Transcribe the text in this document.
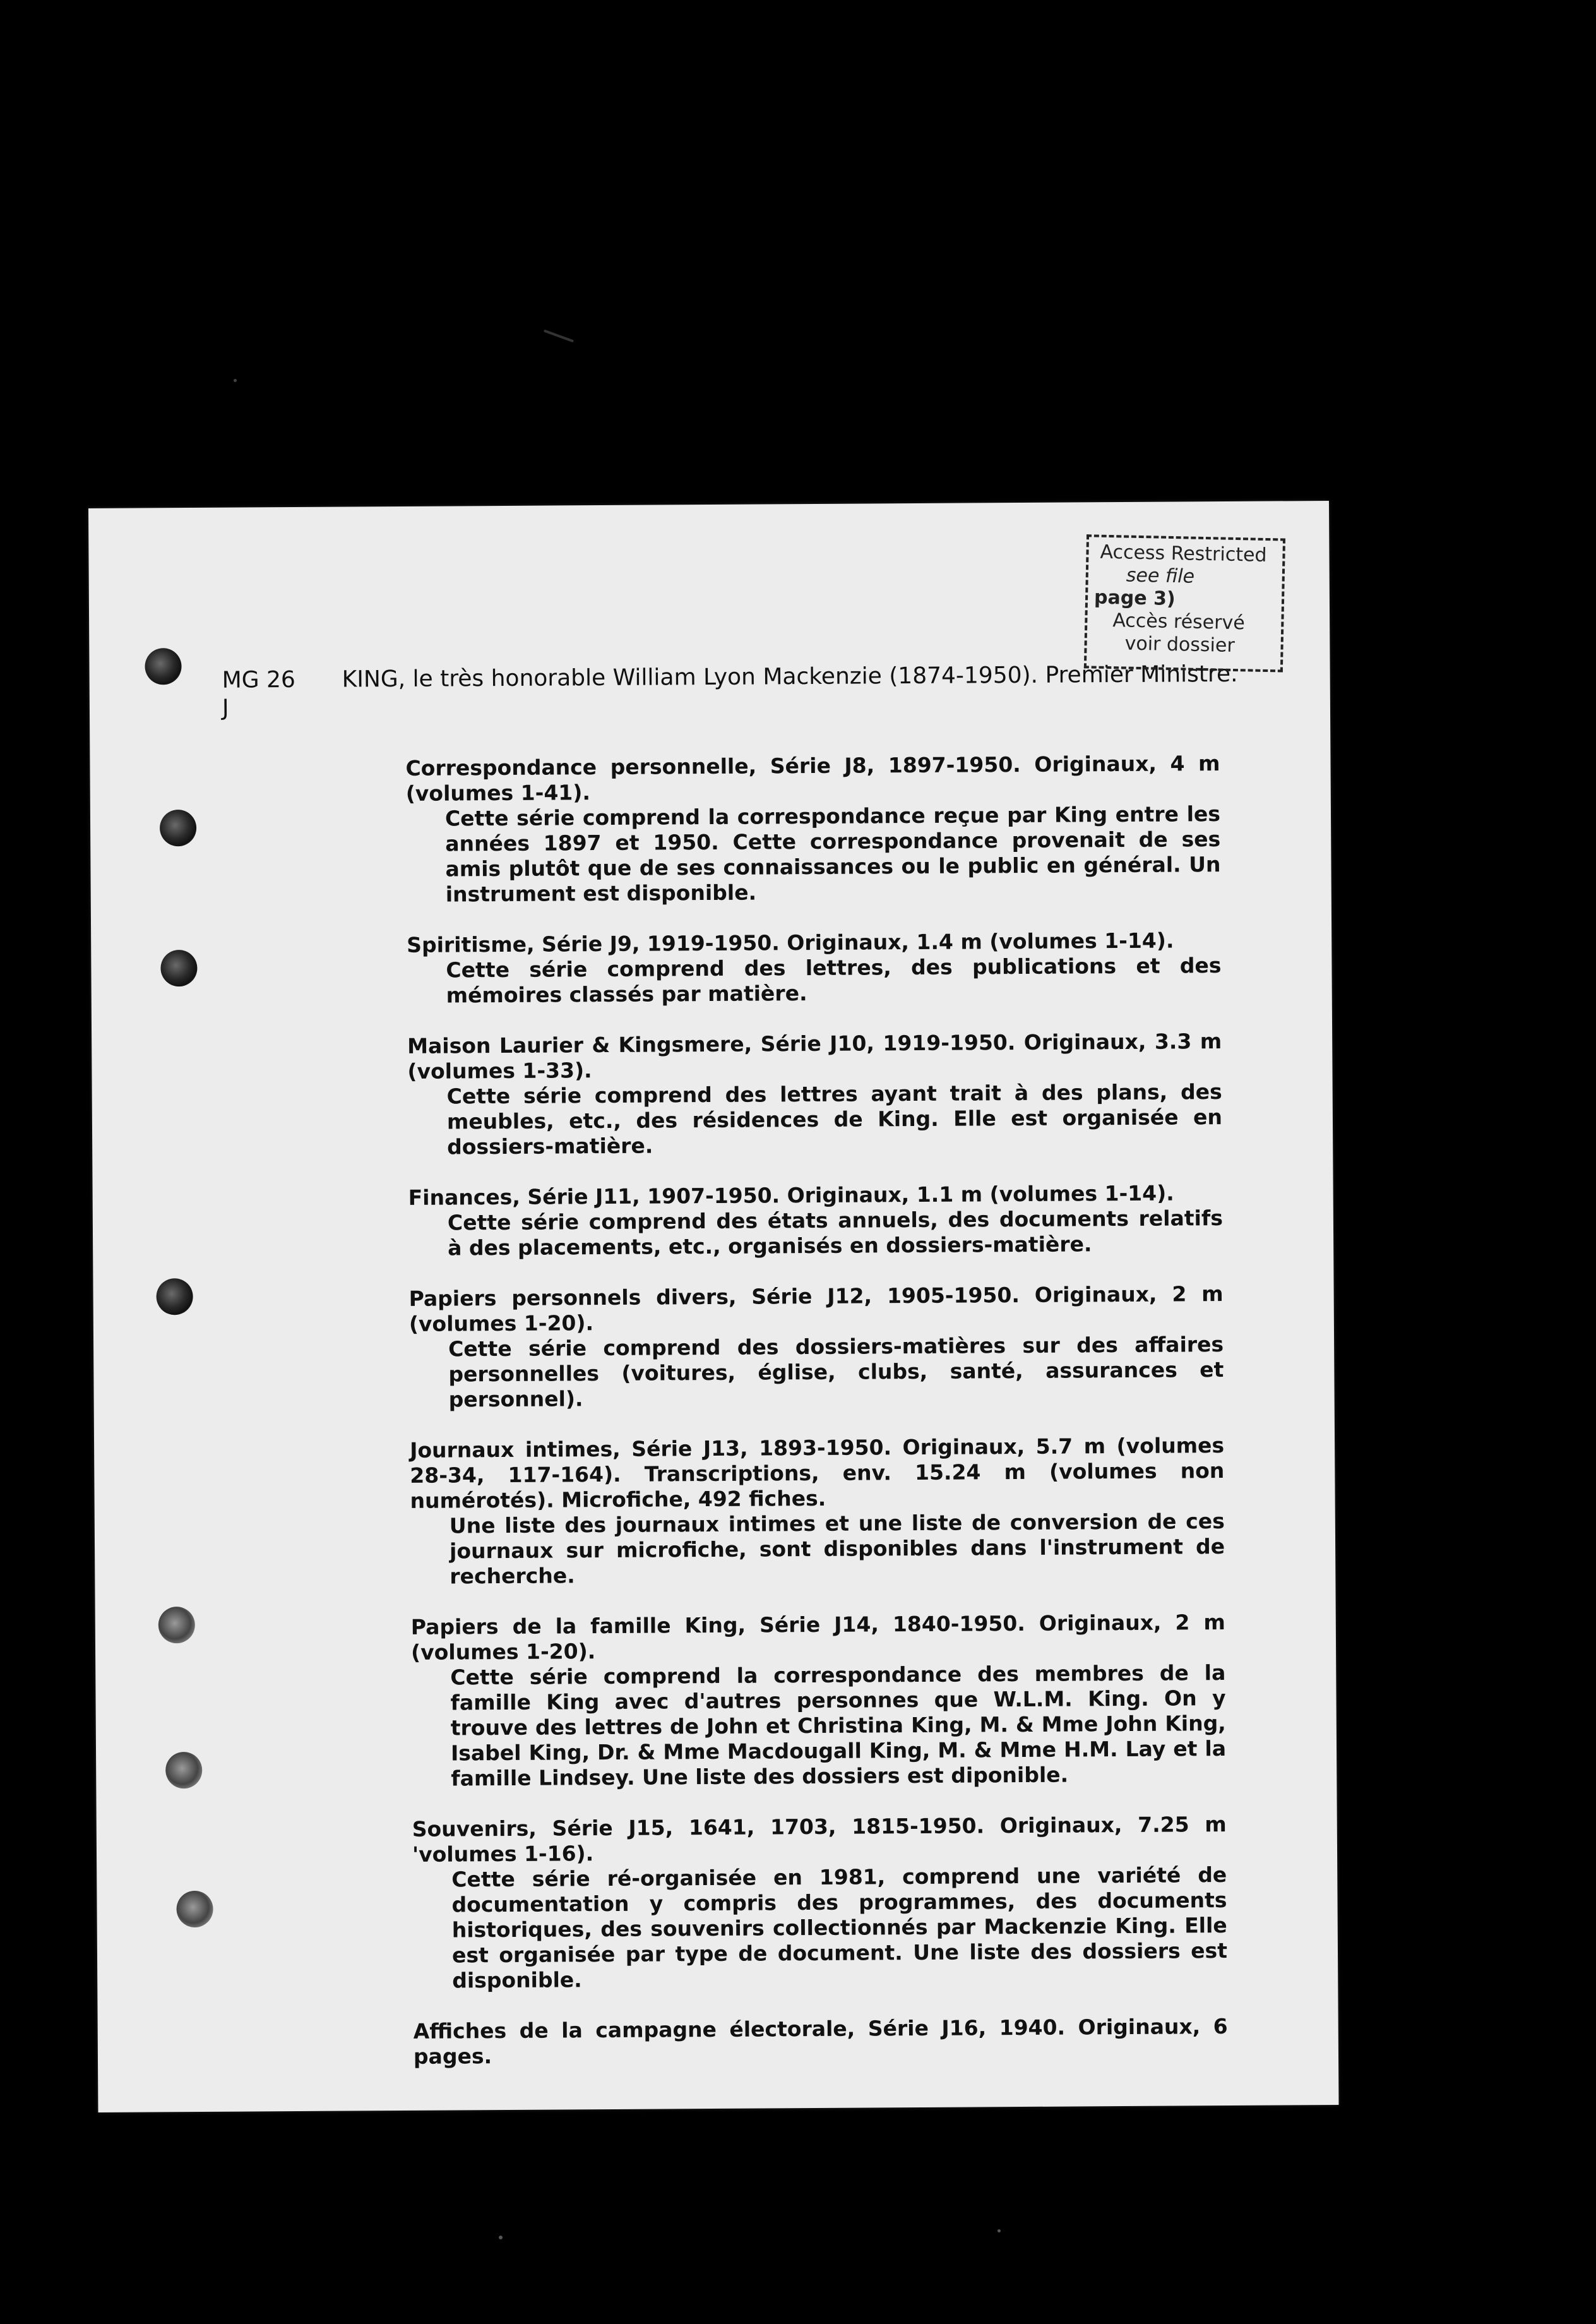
MG 26
J
KING, le très honorable William Lyon Mackenzie (1874-1950). Premier Ministre.
Access Restricted
see file
page 3)
Accès réservé
voir dossier
Correspondance personnelle, Série J8, 1897-1950. Originaux, 4 m (volumes 1-41).
Cette série comprend la correspondance reçue par King entre les années 1897 et 1950. Cette correspondance provenait de ses amis plutôt que de ses connaissances ou le public en général. Un instrument est disponible.
Spiritisme, Série J9, 1919-1950. Originaux, 1.4 m (volumes 1-14).
Cette série comprend des lettres, des publications et des mémoires classés par matière.
Maison Laurier & Kingsmere, Série J10, 1919-1950. Originaux, 3.3 m (volumes 1-33).
Cette série comprend des lettres ayant trait à des plans, des meubles, etc., des résidences de King. Elle est organisée en dossiers-matière.
Finances, Série J11, 1907-1950. Originaux, 1.1 m (volumes 1-14).
Cette série comprend des états annuels, des documents relatifs à des placements, etc., organisés en dossiers-matière.
Papiers personnels divers, Série J12, 1905-1950. Originaux, 2 m (volumes 1-20).
Cette série comprend des dossiers-matières sur des affaires personnelles (voitures, église, clubs, santé, assurances et personnel).
Journaux intimes, Série J13, 1893-1950. Originaux, 5.7 m (volumes 28-34, 117-164). Transcriptions, env. 15.24 m (volumes non numérotés). Microfiche, 492 fiches.
Une liste des journaux intimes et une liste de conversion de ces journaux sur microfiche, sont disponibles dans l'instrument de recherche.
Papiers de la famille King, Série J14, 1840-1950. Originaux, 2 m (volumes 1-20).
Cette série comprend la correspondance des membres de la famille King avec d'autres personnes que W.L.M. King. On y trouve des lettres de John et Christina King, M. & Mme John King, Isabel King, Dr. & Mme Macdougall King, M. & Mme H.M. Lay et la famille Lindsey. Une liste des dossiers est diponible.
Souvenirs, Série J15, 1641, 1703, 1815-1950. Originaux, 7.25 m 'volumes 1-16).
Cette série ré-organisée en 1981, comprend une variété de documentation y compris des programmes, des documents historiques, des souvenirs collectionnés par Mackenzie King. Elle est organisée par type de document. Une liste des dossiers est disponible.
Affiches de la campagne électorale, Série J16, 1940. Originaux, 6 pages.
